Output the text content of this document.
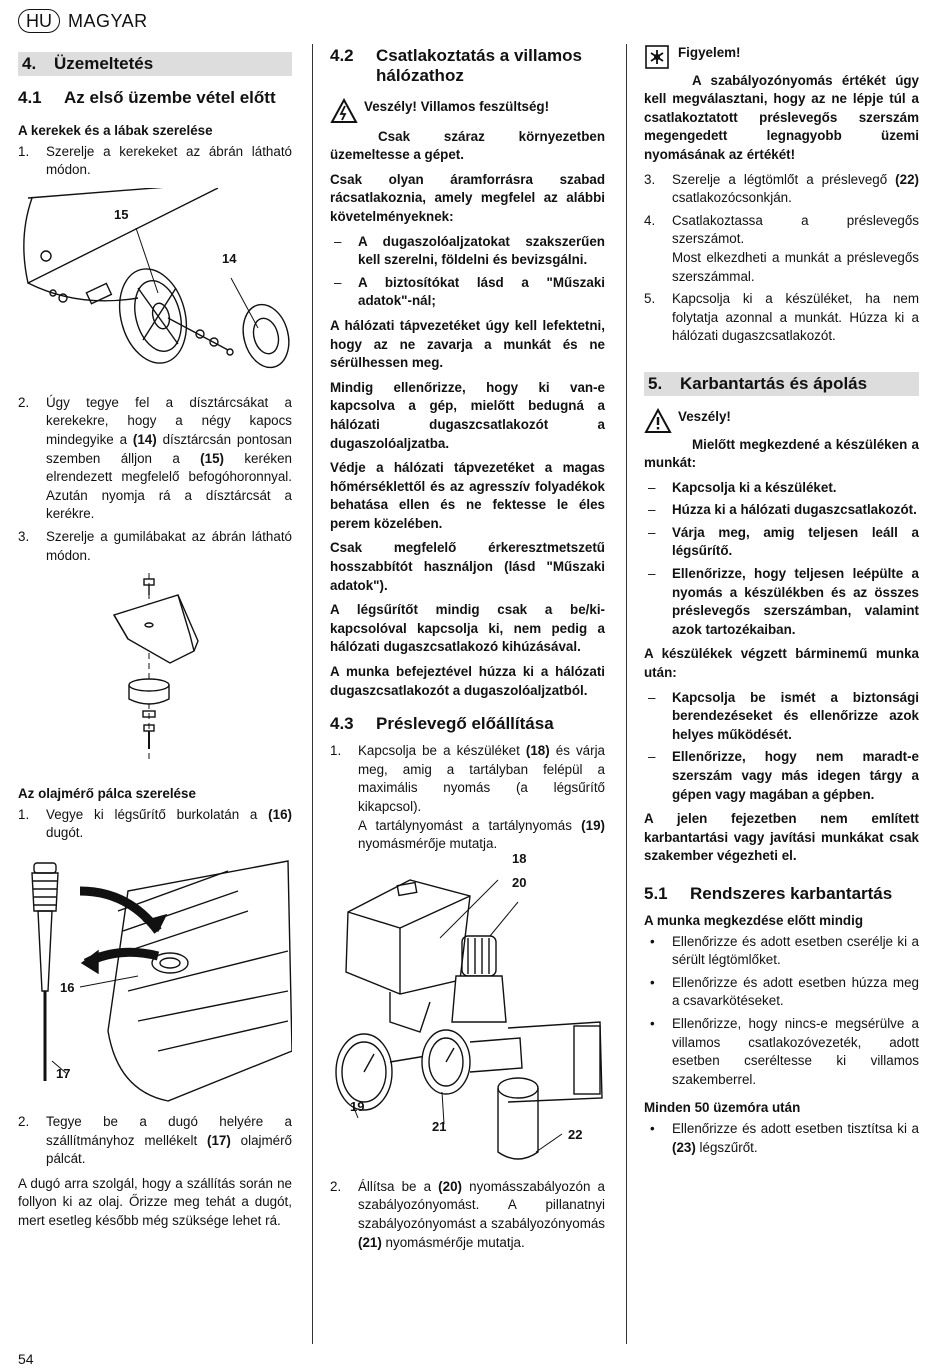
HU MAGYAR
4. Üzemeltetés
4.1	Az első üzembe vétel előtt
A kerekek és a lábak szerelése
1. Szerelje a kerekeket az ábrán látható módon.
15
14
2. Úgy tegye fel a dísztárcsákat a kerekekre, hogy a négy kapocs mindegyike a (14) dísztárcsán pontosan szemben álljon a (15) keréken elrendezett megfelelő befogóhoronnyal. Azután nyomja rá a dísztárcsát a kerékre.
3. Szerelje a gumilábakat az ábrán látható módon.
Az olajmérő pálca szerelése
1. Vegye ki légsűrítő burkolatán a (16) dugót.
16
17
2. Tegye be a dugó helyére a szállítmányhoz mellékelt (17) olajmérő pálcát.

A dugó arra szolgál, hogy a szállítás során ne follyon ki az olaj. Őrizze meg tehát a dugót, mert esetleg később még szüksége lehet rá.

4.2	Csatlakoztatás a villamos hálózathoz
Veszély! Villamos feszültség!

Csak száraz környezetben üzemeltesse a gépet.

Csak olyan áramforrásra szabad rácsatlakoznia, amely megfelel az alábbi követelményeknek:

– A dugaszolóaljzatokat szakszerűen kell szerelni, földelni és bevizsgálni.
– A biztosítókat lásd a "Műszaki adatok"-nál;

A hálózati tápvezetéket úgy kell lefektetni, hogy az ne zavarja a munkát és ne sérülhessen meg.

Mindig ellenőrizze, hogy ki van-e kapcsolva a gép, mielőtt bedugná a hálózati dugaszcsatlakozót a dugaszolóaljzatba.

Védje a hálózati tápvezetéket a magas hőmérséklettől és az agresszív folyadékok behatása ellen és ne fektesse le éles perem közelében.

Csak megfelelő érkeresztmetszetű hosszabbítót használjon (lásd "Műszaki adatok").

A légsűrítőt mindig csak a be/ki-kapcsolóval kapcsolja ki, nem pedig a hálózati dugaszcsatlakozó kihúzásával.

A munka befejeztével húzza ki a hálózati dugaszcsatlakozót a dugaszolóaljzatból.

4.3	Préslevegő előállítása
1. Kapcsolja be a készüléket (18) és várja meg, amig a tartályban felépül a maximális nyomás (a légsűrítő kikapcsol).
A tartálynyomást a tartálynyomás (19) nyomásmérője mutatja.
18
20
19
21
22
2. Állítsa be a (20) nyomásszabályozón a szabályozónyomást. A pillanatnyi szabályozónyomást a szabályozónyomás (21) nyomásmérője mutatja.
Figyelem!

A szabályozónyomás értékét úgy kell megválasztani, hogy az ne lépje túl a csatlakoztatott préslevegős szerszám megengedett legnagyobb üzemi nyomásának az értékét!

3. Szerelje a légtömlőt a préslevegő (22) csatlakozócsonkján.
4. Csatlakoztassa a préslevegős szerszámot.
Most elkezdheti a munkát a préslevegős szerszámmal.
5. Kapcsolja ki a készüléket, ha nem folytatja azonnal a munkát. Húzza ki a hálózati dugaszcsatlakozót.
5. Karbantartás és ápolás
Veszély!

Mielőtt megkezdené a készüléken a munkát:

– Kapcsolja ki a készüléket.
– Húzza ki a hálózati dugaszcsatlakozót.
– Várja meg, amig teljesen leáll a légsűrítő.
– Ellenőrizze, hogy teljesen leépülte a nyomás a készülékben és az összes préslevegős szerszámban, valamint azok tartozékaiban.

A készülékek végzett bárminemű munka után:

– Kapcsolja be ismét a biztonsági berendezéseket és ellenőrizze azok helyes működését.
– Ellenőrizze, hogy nem maradt-e szerszám vagy más idegen tárgy a gépen vagy magában a gépben.

A jelen fejezetben nem említett karbantartási vagy javítási munkákat csak szakember végezheti el.

5.1	Rendszeres karbantartás
A munka megkezdése előtt mindig
• Ellenőrizze és adott esetben cserélje ki a sérült légtömlőket.
• Ellenőrizze és adott esetben húzza meg a csavarkötéseket.
• Ellenőrizze, hogy nincs-e megsérülve a villamos csatlakozóvezeték, adott esetben cseréltesse ki villamos szakemberrel.
Minden 50 üzemóra után
• Ellenőrizze és adott esetben tisztítsa ki a (23) légszűrőt.
54
